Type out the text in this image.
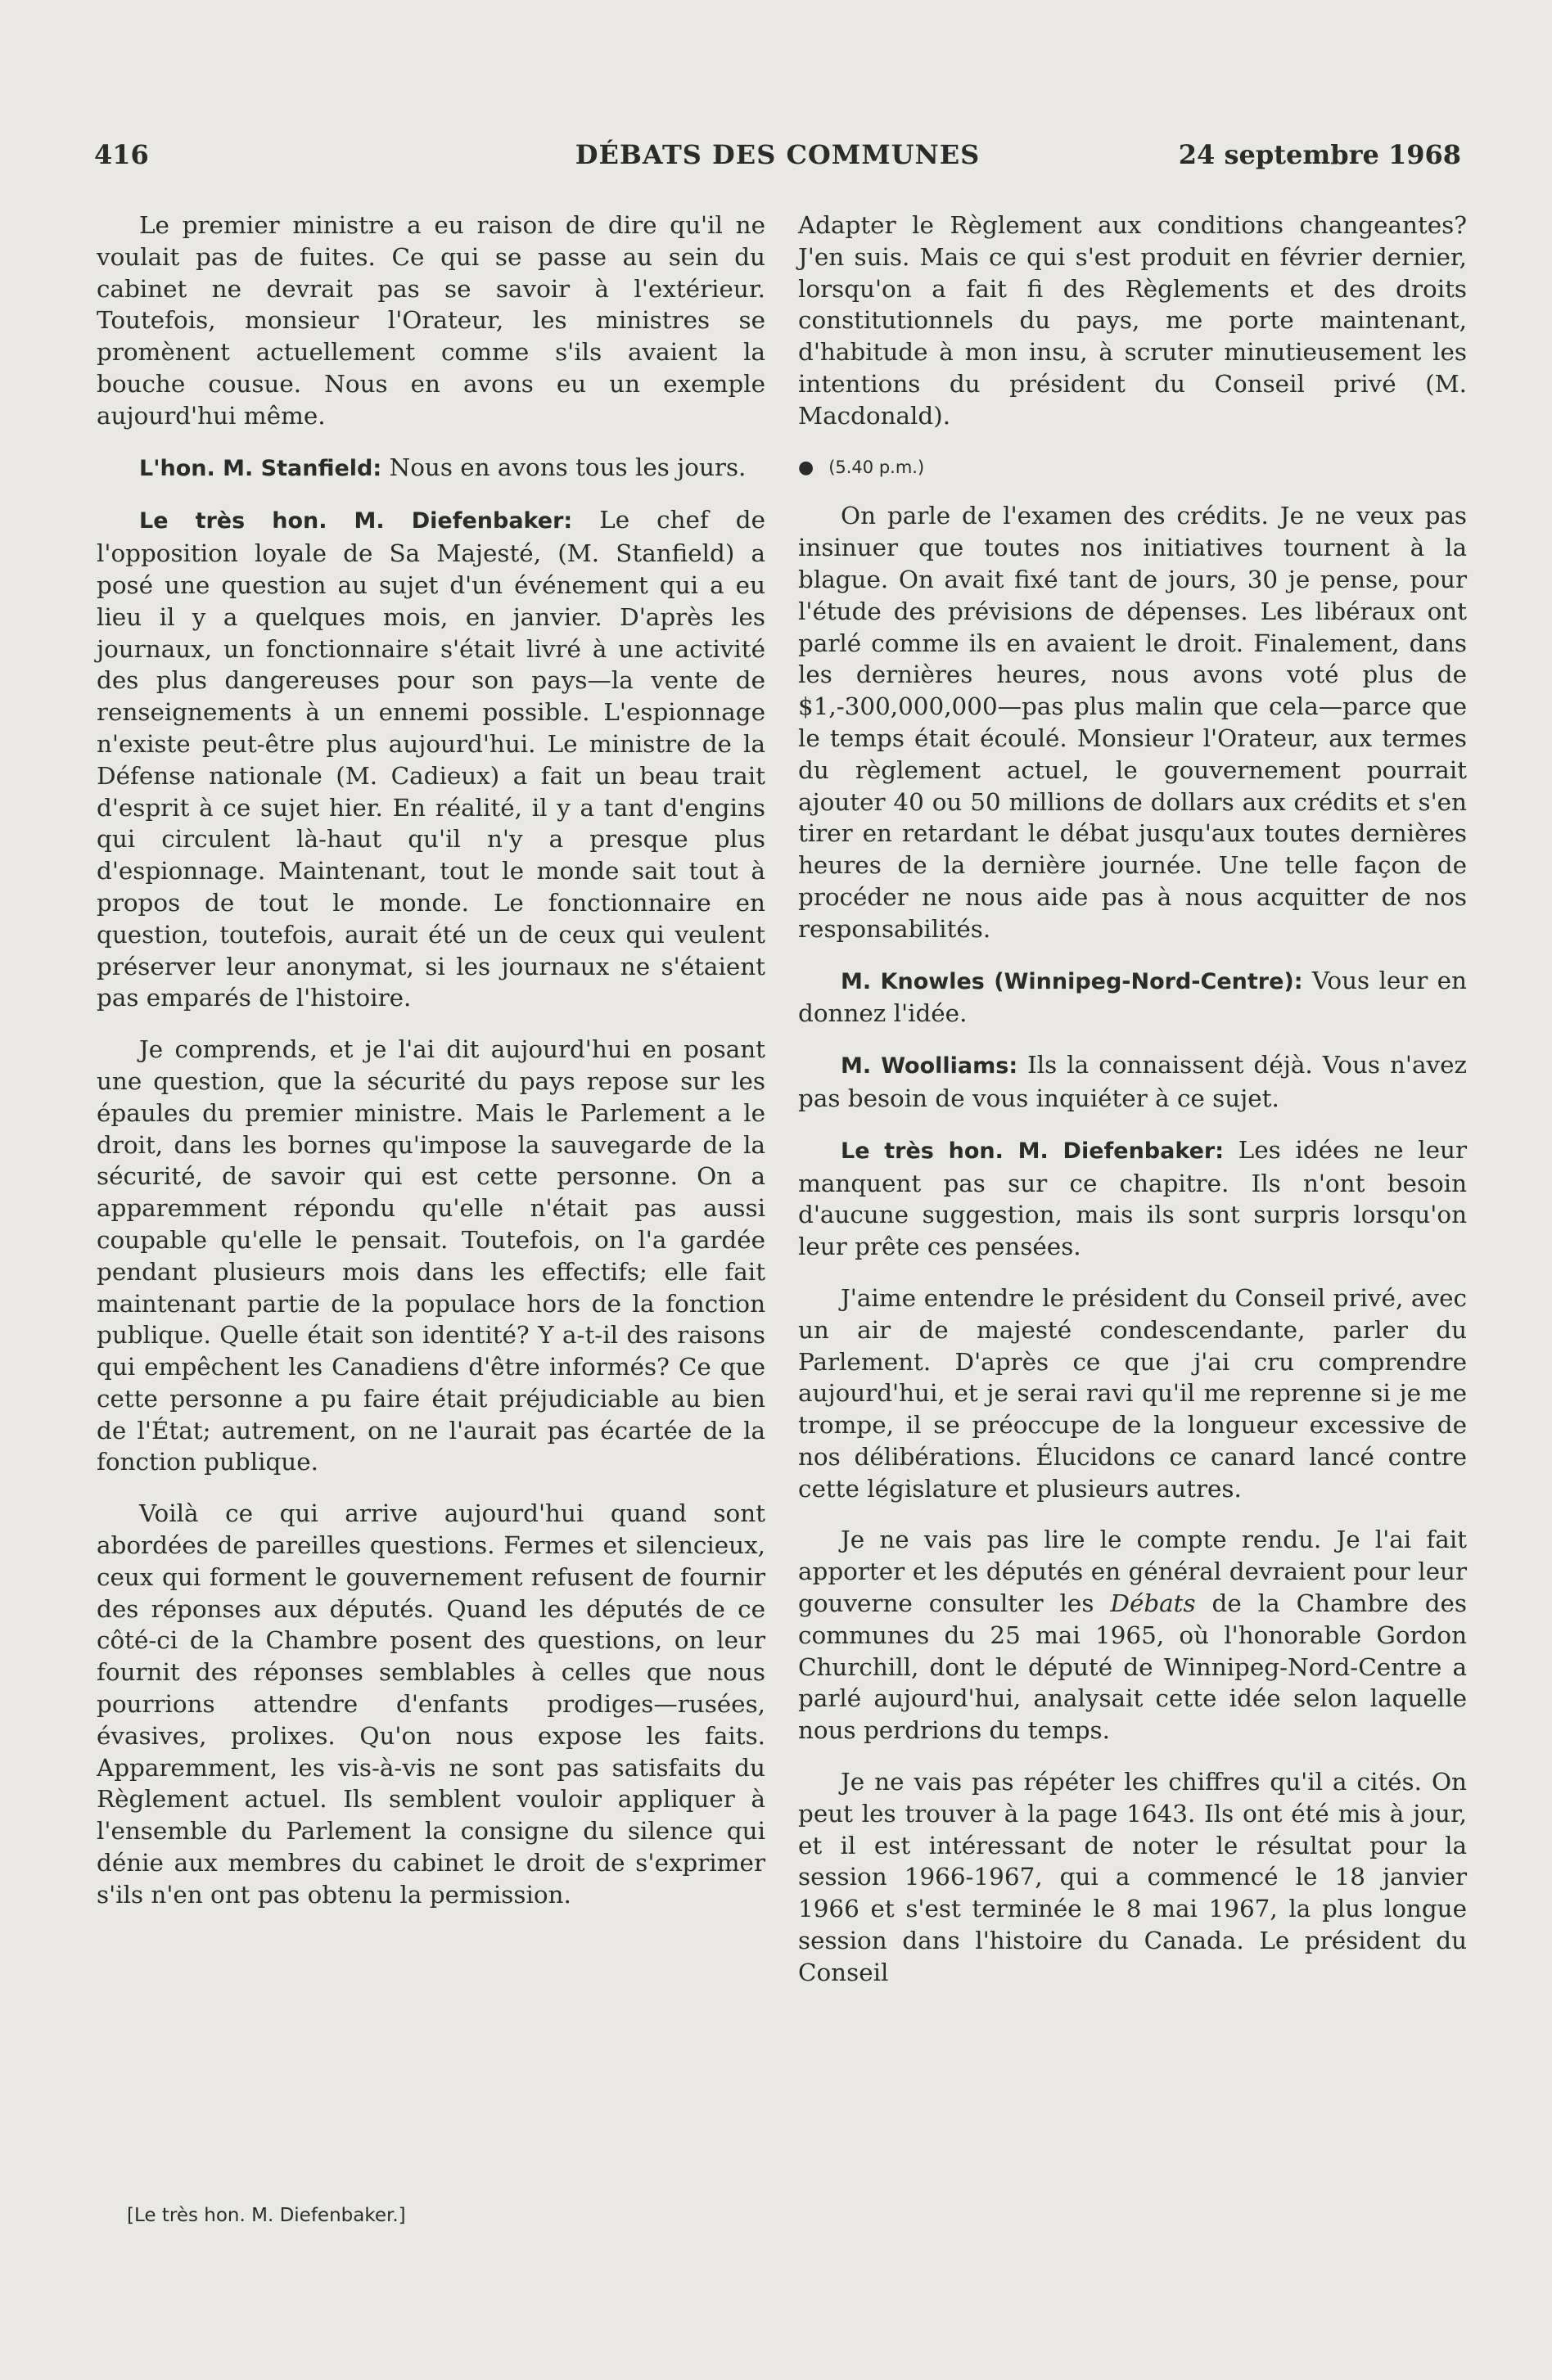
416	DÉBATS DES COMMUNES	24 septembre 1968

Le premier ministre a eu raison de dire qu'il ne voulait pas de fuites. Ce qui se passe au sein du cabinet ne devrait pas se savoir à l'extérieur. Toutefois, monsieur l'Orateur, les ministres se promènent actuellement comme s'ils avaient la bouche cousue. Nous en avons eu un exemple aujourd'hui même.

L'hon. M. Stanfield: Nous en avons tous les jours.

Le très hon. M. Diefenbaker: Le chef de l'opposition loyale de Sa Majesté, (M. Stanfield) a posé une question au sujet d'un événement qui a eu lieu il y a quelques mois, en janvier. D'après les journaux, un fonctionnaire s'était livré à une activité des plus dangereuses pour son pays—la vente de renseignements à un ennemi possible. L'espionnage n'existe peut-être plus aujourd'hui. Le ministre de la Défense nationale (M. Cadieux) a fait un beau trait d'esprit à ce sujet hier. En réalité, il y a tant d'engins qui circulent là-haut qu'il n'y a presque plus d'espionnage. Maintenant, tout le monde sait tout à propos de tout le monde. Le fonctionnaire en question, toutefois, aurait été un de ceux qui veulent préserver leur anonymat, si les journaux ne s'étaient pas emparés de l'histoire.

Je comprends, et je l'ai dit aujourd'hui en posant une question, que la sécurité du pays repose sur les épaules du premier ministre. Mais le Parlement a le droit, dans les bornes qu'impose la sauvegarde de la sécurité, de savoir qui est cette personne. On a apparemment répondu qu'elle n'était pas aussi coupable qu'elle le pensait. Toutefois, on l'a gardée pendant plusieurs mois dans les effectifs; elle fait maintenant partie de la populace hors de la fonction publique. Quelle était son identité? Y a-t-il des raisons qui empêchent les Canadiens d'être informés? Ce que cette personne a pu faire était préjudiciable au bien de l'État; autrement, on ne l'aurait pas écartée de la fonction publique.

Voilà ce qui arrive aujourd'hui quand sont abordées de pareilles questions. Fermes et silencieux, ceux qui forment le gouvernement refusent de fournir des réponses aux députés. Quand les députés de ce côté-ci de la Chambre posent des questions, on leur fournit des réponses semblables à celles que nous pourrions attendre d'enfants prodiges—rusées, évasives, prolixes. Qu'on nous expose les faits. Apparemment, les vis-à-vis ne sont pas satisfaits du Règlement actuel. Ils semblent vouloir appliquer à l'ensemble du Parlement la consigne du silence qui dénie aux membres du cabinet le droit de s'exprimer s'ils n'en ont pas obtenu la permission.

[Le très hon. M. Diefenbaker.]

Adapter le Règlement aux conditions changeantes? J'en suis. Mais ce qui s'est produit en février dernier, lorsqu'on a fait fi des Règlements et des droits constitutionnels du pays, me porte maintenant, d'habitude à mon insu, à scruter minutieusement les intentions du président du Conseil privé (M. Macdonald).

● (5.40 p.m.)

On parle de l'examen des crédits. Je ne veux pas insinuer que toutes nos initiatives tournent à la blague. On avait fixé tant de jours, 30 je pense, pour l'étude des prévisions de dépenses. Les libéraux ont parlé comme ils en avaient le droit. Finalement, dans les dernières heures, nous avons voté plus de $1,-300,000,000—pas plus malin que cela—parce que le temps était écoulé. Monsieur l'Orateur, aux termes du règlement actuel, le gouvernement pourrait ajouter 40 ou 50 millions de dollars aux crédits et s'en tirer en retardant le débat jusqu'aux toutes dernières heures de la dernière journée. Une telle façon de procéder ne nous aide pas à nous acquitter de nos responsabilités.

M. Knowles (Winnipeg-Nord-Centre): Vous leur en donnez l'idée.

M. Woolliams: Ils la connaissent déjà. Vous n'avez pas besoin de vous inquiéter à ce sujet.

Le très hon. M. Diefenbaker: Les idées ne leur manquent pas sur ce chapitre. Ils n'ont besoin d'aucune suggestion, mais ils sont surpris lorsqu'on leur prête ces pensées.

J'aime entendre le président du Conseil privé, avec un air de majesté condescendante, parler du Parlement. D'après ce que j'ai cru comprendre aujourd'hui, et je serai ravi qu'il me reprenne si je me trompe, il se préoccupe de la longueur excessive de nos délibérations. Élucidons ce canard lancé contre cette législature et plusieurs autres.

Je ne vais pas lire le compte rendu. Je l'ai fait apporter et les députés en général devraient pour leur gouverne consulter les Débats de la Chambre des communes du 25 mai 1965, où l'honorable Gordon Churchill, dont le député de Winnipeg-Nord-Centre a parlé aujourd'hui, analysait cette idée selon laquelle nous perdrions du temps.

Je ne vais pas répéter les chiffres qu'il a cités. On peut les trouver à la page 1643. Ils ont été mis à jour, et il est intéressant de noter le résultat pour la session 1966-1967, qui a commencé le 18 janvier 1966 et s'est terminée le 8 mai 1967, la plus longue session dans l'histoire du Canada. Le président du Conseil
